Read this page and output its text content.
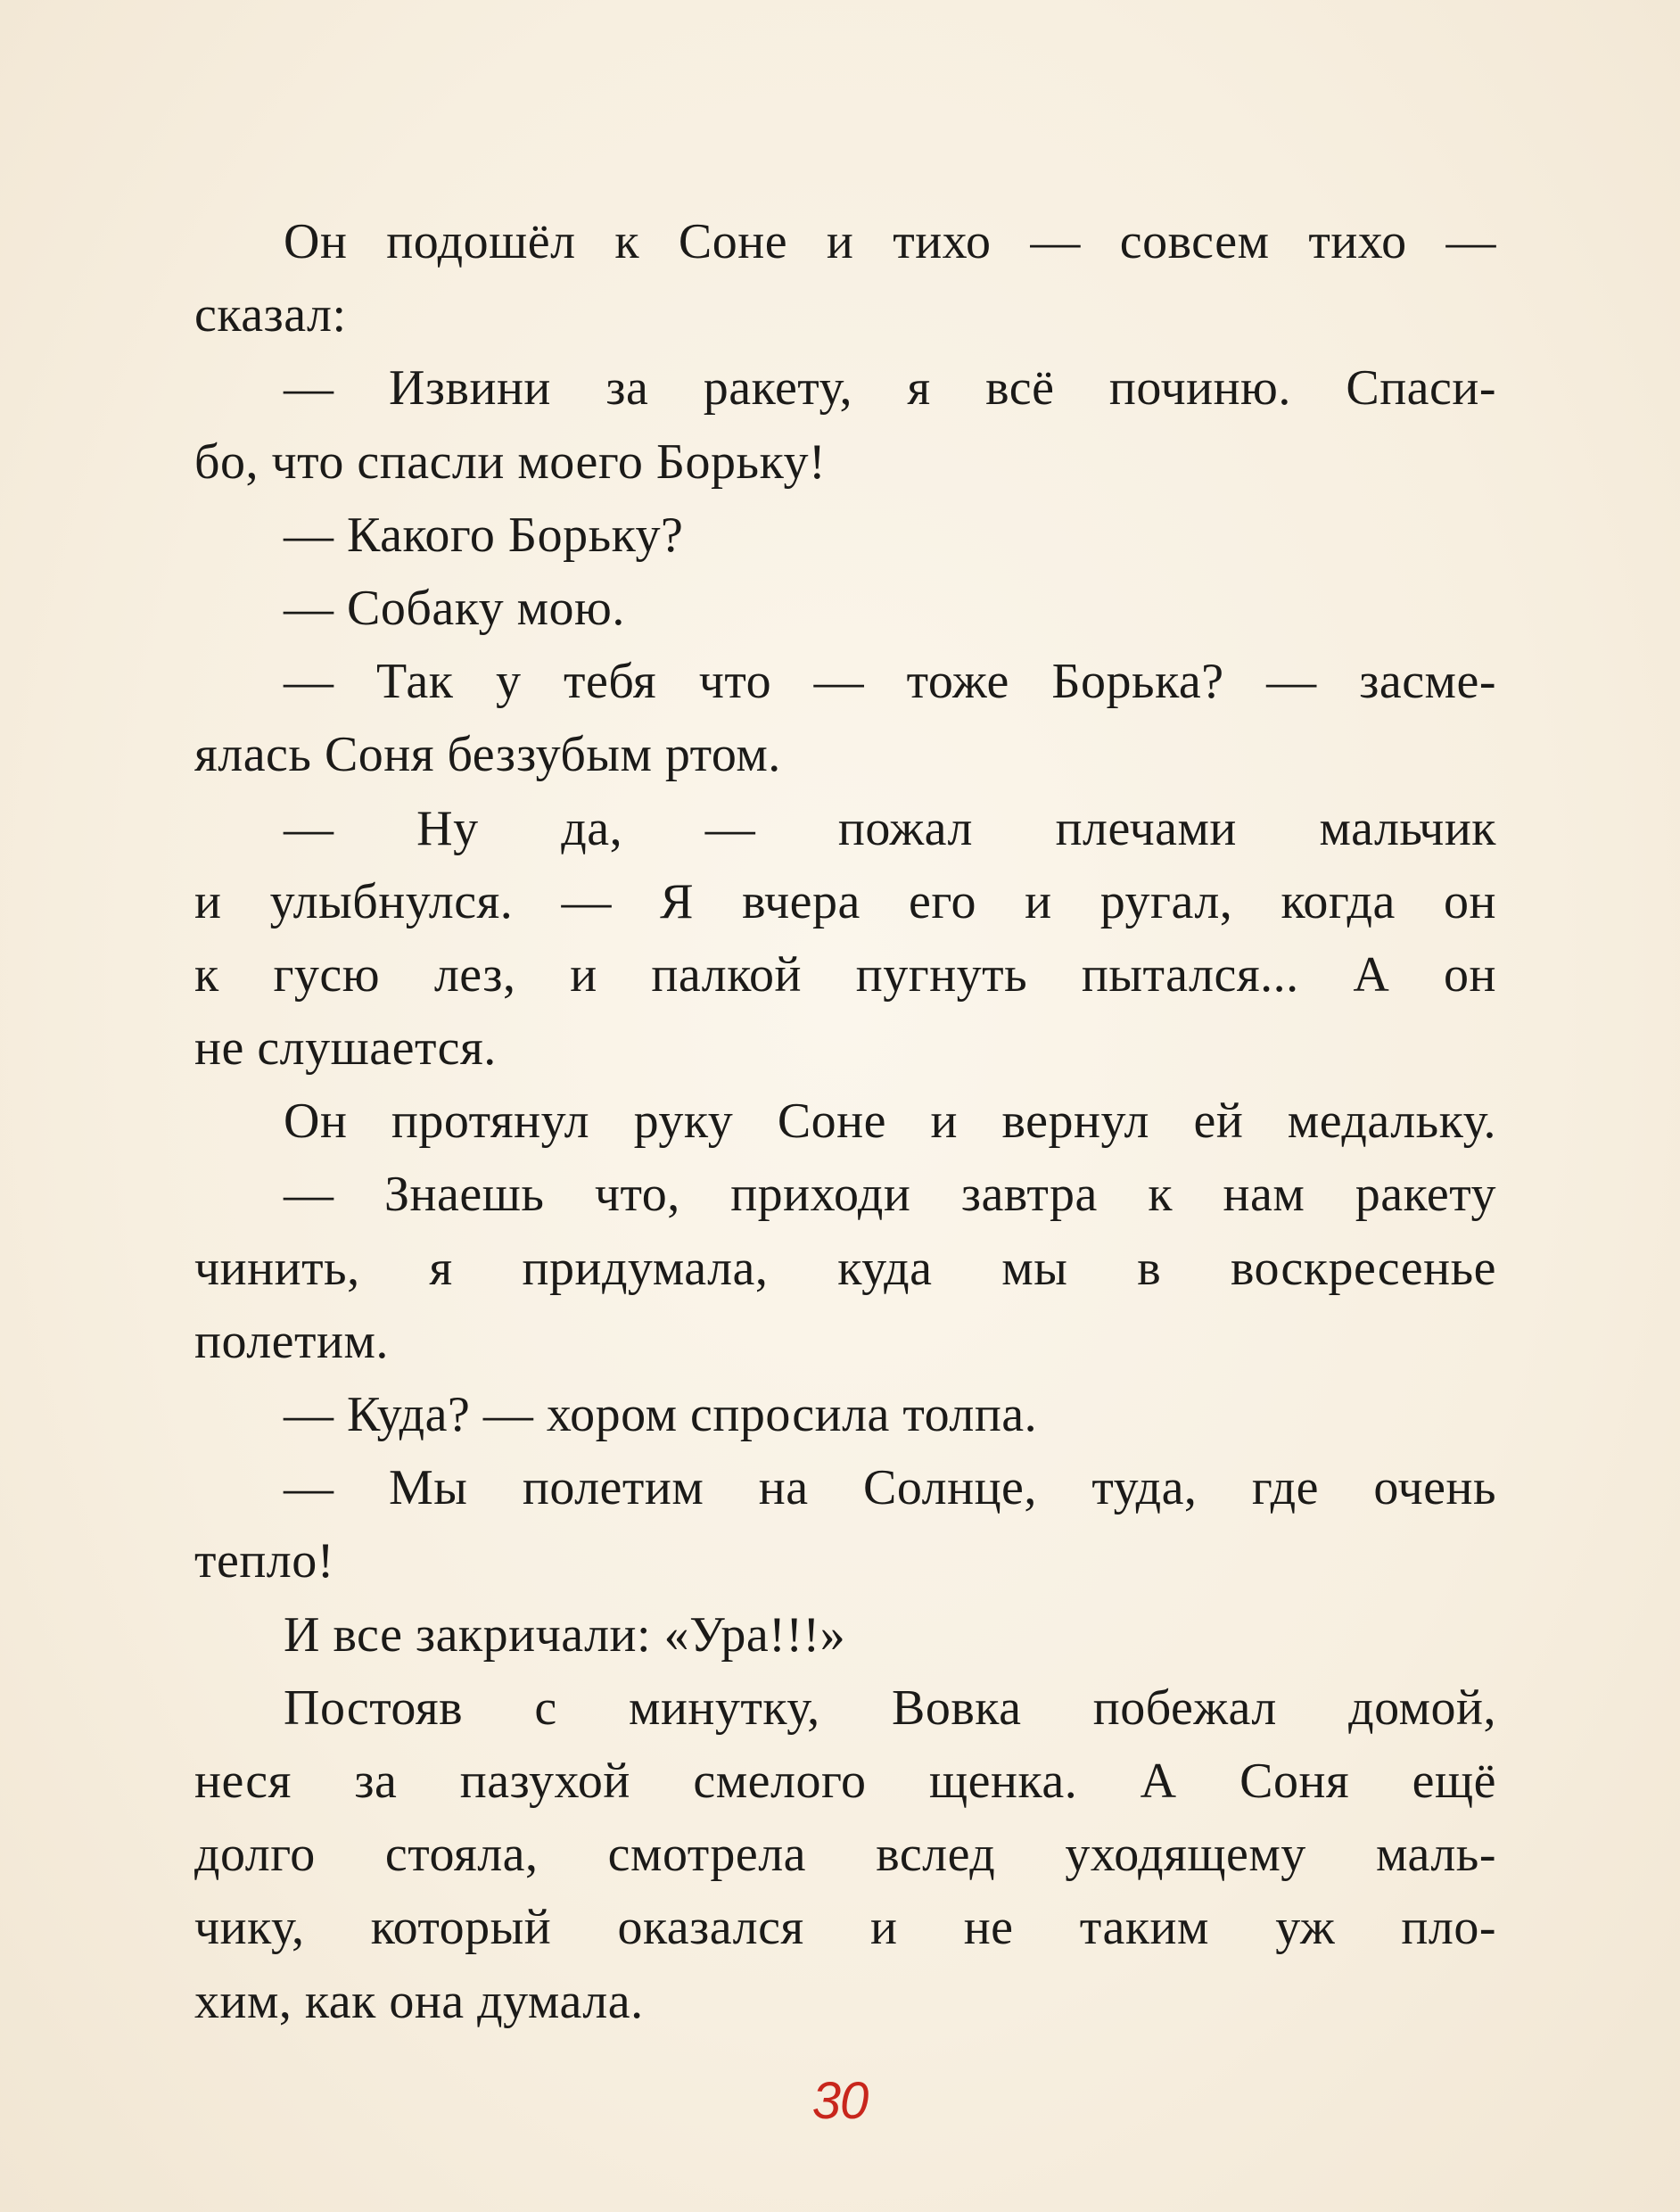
Он подошёл к Соне и тихо — совсем тихо —
сказал:
— Извини за ракету, я всё починю. Спаси-
бо, что спасли моего Борьку!
— Какого Борьку?
— Собаку мою.
— Так у тебя что — тоже Борька? — засме-
ялась Соня беззубым ртом.
— Ну да, — пожал плечами мальчик
и улыбнулся. — Я вчера его и ругал, когда он
к гусю лез, и палкой пугнуть пытался... А он
не слушается.
Он протянул руку Соне и вернул ей медальку.
— Знаешь что, приходи завтра к нам ракету
чинить, я придумала, куда мы в воскресенье
полетим.
— Куда? — хором спросила толпа.
— Мы полетим на Солнце, туда, где очень
тепло!
И все закричали: «Ура!!!»
Постояв с минутку, Вовка побежал домой,
неся за пазухой смелого щенка. А Соня ещё
долго стояла, смотрела вслед уходящему маль-
чику, который оказался и не таким уж пло-
хим, как она думала.
30
